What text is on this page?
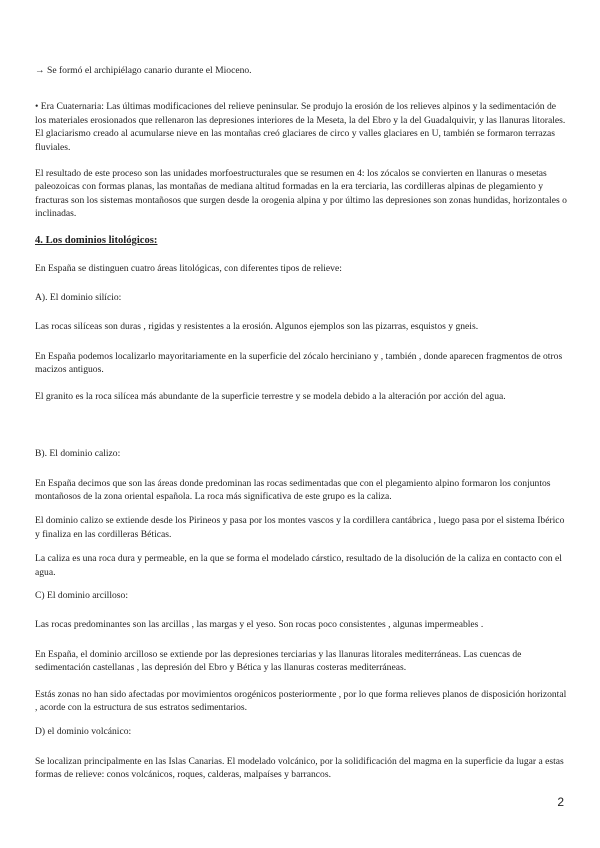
→ Se formó el archipiélago canario durante el Mioceno.

• Era Cuaternaria: Las últimas modificaciones del relieve peninsular. Se produjo la erosión de los relieves alpinos y la sedimentación de los materiales erosionados que rellenaron las depresiones interiores de la Meseta, la del Ebro y la del Guadalquivir, y las llanuras litorales. El glaciarismo creado al acumularse nieve en las montañas creó glaciares de circo y valles glaciares en U, también se formaron terrazas fluviales.

El resultado de este proceso son las unidades morfoestructurales que se resumen en 4: los zócalos se convierten en llanuras o mesetas paleozoicas con formas planas, las montañas de mediana altitud formadas en la era terciaria, las cordilleras alpinas de plegamiento y fracturas son los sistemas montañosos que surgen desde la orogenia alpina y por último las depresiones son zonas hundidas, horizontales o inclinadas.

4. Los dominios litológicos:

En España se distinguen cuatro áreas litológicas, con diferentes tipos de relieve:

A). El dominio silício:

Las rocas silíceas son duras , rigidas y resistentes a la erosión. Algunos ejemplos son las pizarras, esquistos y gneis.

En España podemos localizarlo mayoritariamente en la superficie del zócalo herciniano y , también , donde aparecen fragmentos de otros macizos antiguos.

El granito es la roca silícea más abundante de la superficie terrestre y se modela debido a la alteración por acción del agua.

B). El dominio calizo:

En España decimos que son las áreas donde predominan las rocas sedimentadas que con el plegamiento alpino formaron los conjuntos montañosos de la zona oriental española. La roca más significativa de este grupo es la caliza.

El dominio calizo se extiende desde los Pirineos y pasa por los montes vascos y la cordillera cantábrica , luego pasa por el sistema Ibérico y finaliza en las cordilleras Béticas.

La caliza es una roca dura y permeable, en la que se forma el modelado cárstico, resultado de la disolución de la caliza en contacto con el agua.

C) El dominio arcilloso:

Las rocas predominantes son las arcillas , las margas y el yeso. Son rocas poco consistentes , algunas impermeables .

En España, el dominio arcilloso se extiende por las depresiones terciarias y las llanuras litorales mediterráneas. Las cuencas de sedimentación castellanas , las depresión del Ebro y Bética y las llanuras costeras mediterráneas.

Estás zonas no han sido afectadas por movimientos orogénicos posteriormente , por lo que forma relieves planos de disposición horizontal , acorde con la estructura de sus estratos sedimentarios.

D) el dominio volcánico:

Se localizan principalmente en las Islas Canarias. El modelado volcánico, por la solidificación del magma en la superficie da lugar a estas formas de relieve: conos volcánicos, roques, calderas, malpaíses y barrancos.

2
